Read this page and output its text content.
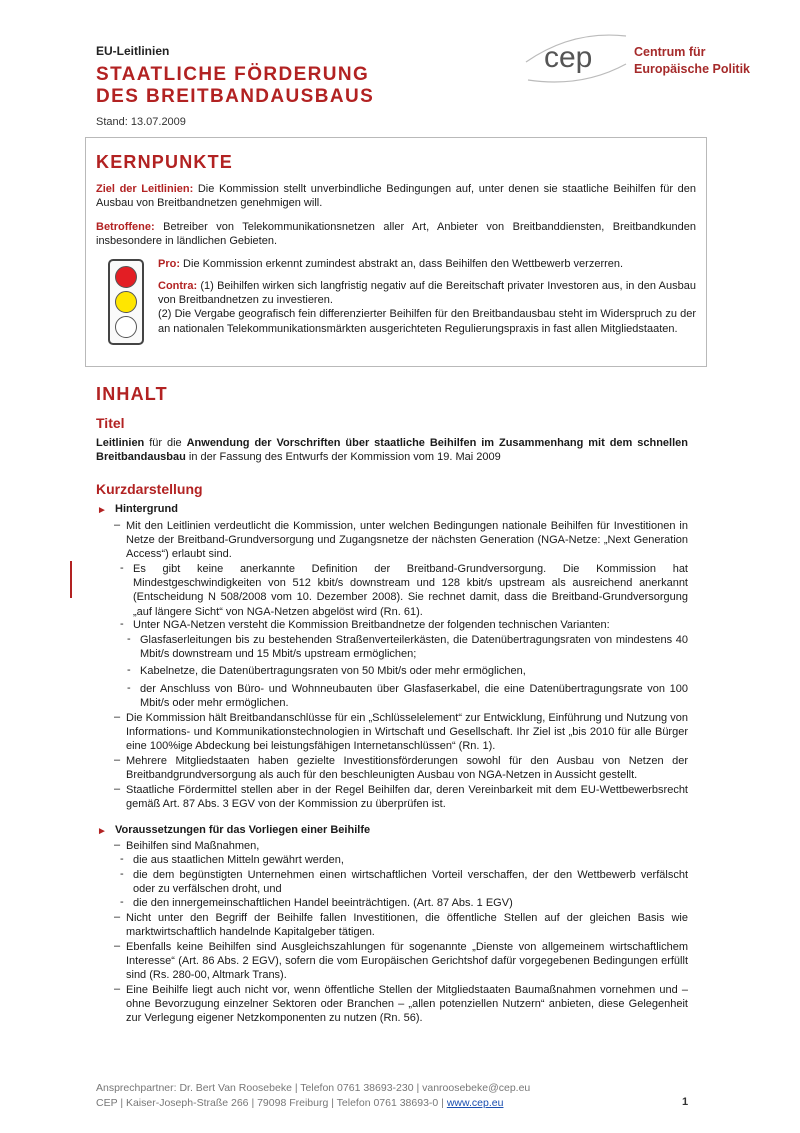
EU-Leitlinien
STAATLICHE FÖRDERUNG
DES BREITBANDAUSBAUS
Stand: 13.07.2009
cep	Centrum für
Europäische Politik
KERNPUNKTE
Ziel der Leitlinien: Die Kommission stellt unverbindliche Bedingungen auf, unter denen sie staatliche Beihilfen für den Ausbau von Breitbandnetzen genehmigen will.
Betroffene: Betreiber von Telekommunikationsnetzen aller Art, Anbieter von Breitbanddiensten, Breitbandkunden insbesondere in ländlichen Gebieten.
Pro: Die Kommission erkennt zumindest abstrakt an, dass Beihilfen den Wettbewerb verzerren.
Contra: (1) Beihilfen wirken sich langfristig negativ auf die Bereitschaft privater Investoren aus, in den Ausbau von Breitbandnetzen zu investieren.
(2) Die Vergabe geografisch fein differenzierter Beihilfen für den Breitbandausbau steht im Widerspruch zu der an nationalen Telekommunikationsmärkten ausgerichteten Regulierungspraxis in fast allen Mitgliedstaaten.
INHALT
Titel
Leitlinien für die Anwendung der Vorschriften über staatliche Beihilfen im Zusammenhang mit dem schnellen Breitbandausbau in der Fassung des Entwurfs der Kommission vom 19. Mai 2009
Kurzdarstellung
► Hintergrund
– Mit den Leitlinien verdeutlicht die Kommission, unter welchen Bedingungen nationale Beihilfen für Investitionen in Netze der Breitband-Grundversorgung und Zugangsnetze der nächsten Generation (NGA-Netze: „Next Generation Access“) erlaubt sind.
- Es gibt keine anerkannte Definition der Breitband-Grundversorgung. Die Kommission hat Mindestgeschwindigkeiten von 512 kbit/s downstream und 128 kbit/s upstream als ausreichend anerkannt (Entscheidung N 508/2008 vom 10. Dezember 2008). Sie rechnet damit, dass die Breitband-Grundversorgung „auf längere Sicht“ von NGA-Netzen abgelöst wird (Rn. 61).
- Unter NGA-Netzen versteht die Kommission Breitbandnetze der folgenden technischen Varianten:
- Glasfaserleitungen bis zu bestehenden Straßenverteilerkästen, die Datenübertragungsraten von mindestens 40 Mbit/s downstream und 15 Mbit/s upstream ermöglichen;
- Kabelnetze, die Datenübertragungsraten von 50 Mbit/s oder mehr ermöglichen,
- der Anschluss von Büro- und Wohnneubauten über Glasfaserkabel, die eine Datenübertragungsrate von 100 Mbit/s oder mehr ermöglichen.
– Die Kommission hält Breitbandanschlüsse für ein „Schlüsselelement“ zur Entwicklung, Einführung und Nutzung von Informations- und Kommunikationstechnologien in Wirtschaft und Gesellschaft. Ihr Ziel ist „bis 2010 für alle Bürger eine 100%ige Abdeckung bei leistungsfähigen Internetanschlüssen“ (Rn. 1).
– Mehrere Mitgliedstaaten haben gezielte Investitionsförderungen sowohl für den Ausbau von Netzen der Breitbandgrundversorgung als auch für den beschleunigten Ausbau von NGA-Netzen in Aussicht gestellt.
– Staatliche Fördermittel stellen aber in der Regel Beihilfen dar, deren Vereinbarkeit mit dem EU-Wettbewerbsrecht gemäß Art. 87 Abs. 3 EGV von der Kommission zu überprüfen ist.
► Voraussetzungen für das Vorliegen einer Beihilfe
– Beihilfen sind Maßnahmen,
- die aus staatlichen Mitteln gewährt werden,
- die dem begünstigten Unternehmen einen wirtschaftlichen Vorteil verschaffen, der den Wettbewerb verfälscht oder zu verfälschen droht, und
- die den innergemeinschaftlichen Handel beeinträchtigen. (Art. 87 Abs. 1 EGV)
– Nicht unter den Begriff der Beihilfe fallen Investitionen, die öffentliche Stellen auf der gleichen Basis wie marktwirtschaftlich handelnde Kapitalgeber tätigen.
– Ebenfalls keine Beihilfen sind Ausgleichszahlungen für sogenannte „Dienste von allgemeinem wirtschaftlichem Interesse“ (Art. 86 Abs. 2 EGV), sofern die vom Europäischen Gerichtshof dafür vorgegebenen Bedingungen erfüllt sind (Rs. 280-00, Altmark Trans).
– Eine Beihilfe liegt auch nicht vor, wenn öffentliche Stellen der Mitgliedstaaten Baumaßnahmen vornehmen und – ohne Bevorzugung einzelner Sektoren oder Branchen – „allen potenziellen Nutzern“ anbieten, diese Gelegenheit zur Verlegung eigener Netzkomponenten zu nutzen (Rn. 56).
Ansprechpartner: Dr. Bert Van Roosebeke | Telefon 0761 38693-230 | vanroosebeke@cep.eu
CEP | Kaiser-Joseph-Straße 266 | 79098 Freiburg | Telefon 0761 38693-0 | www.cep.eu	1
